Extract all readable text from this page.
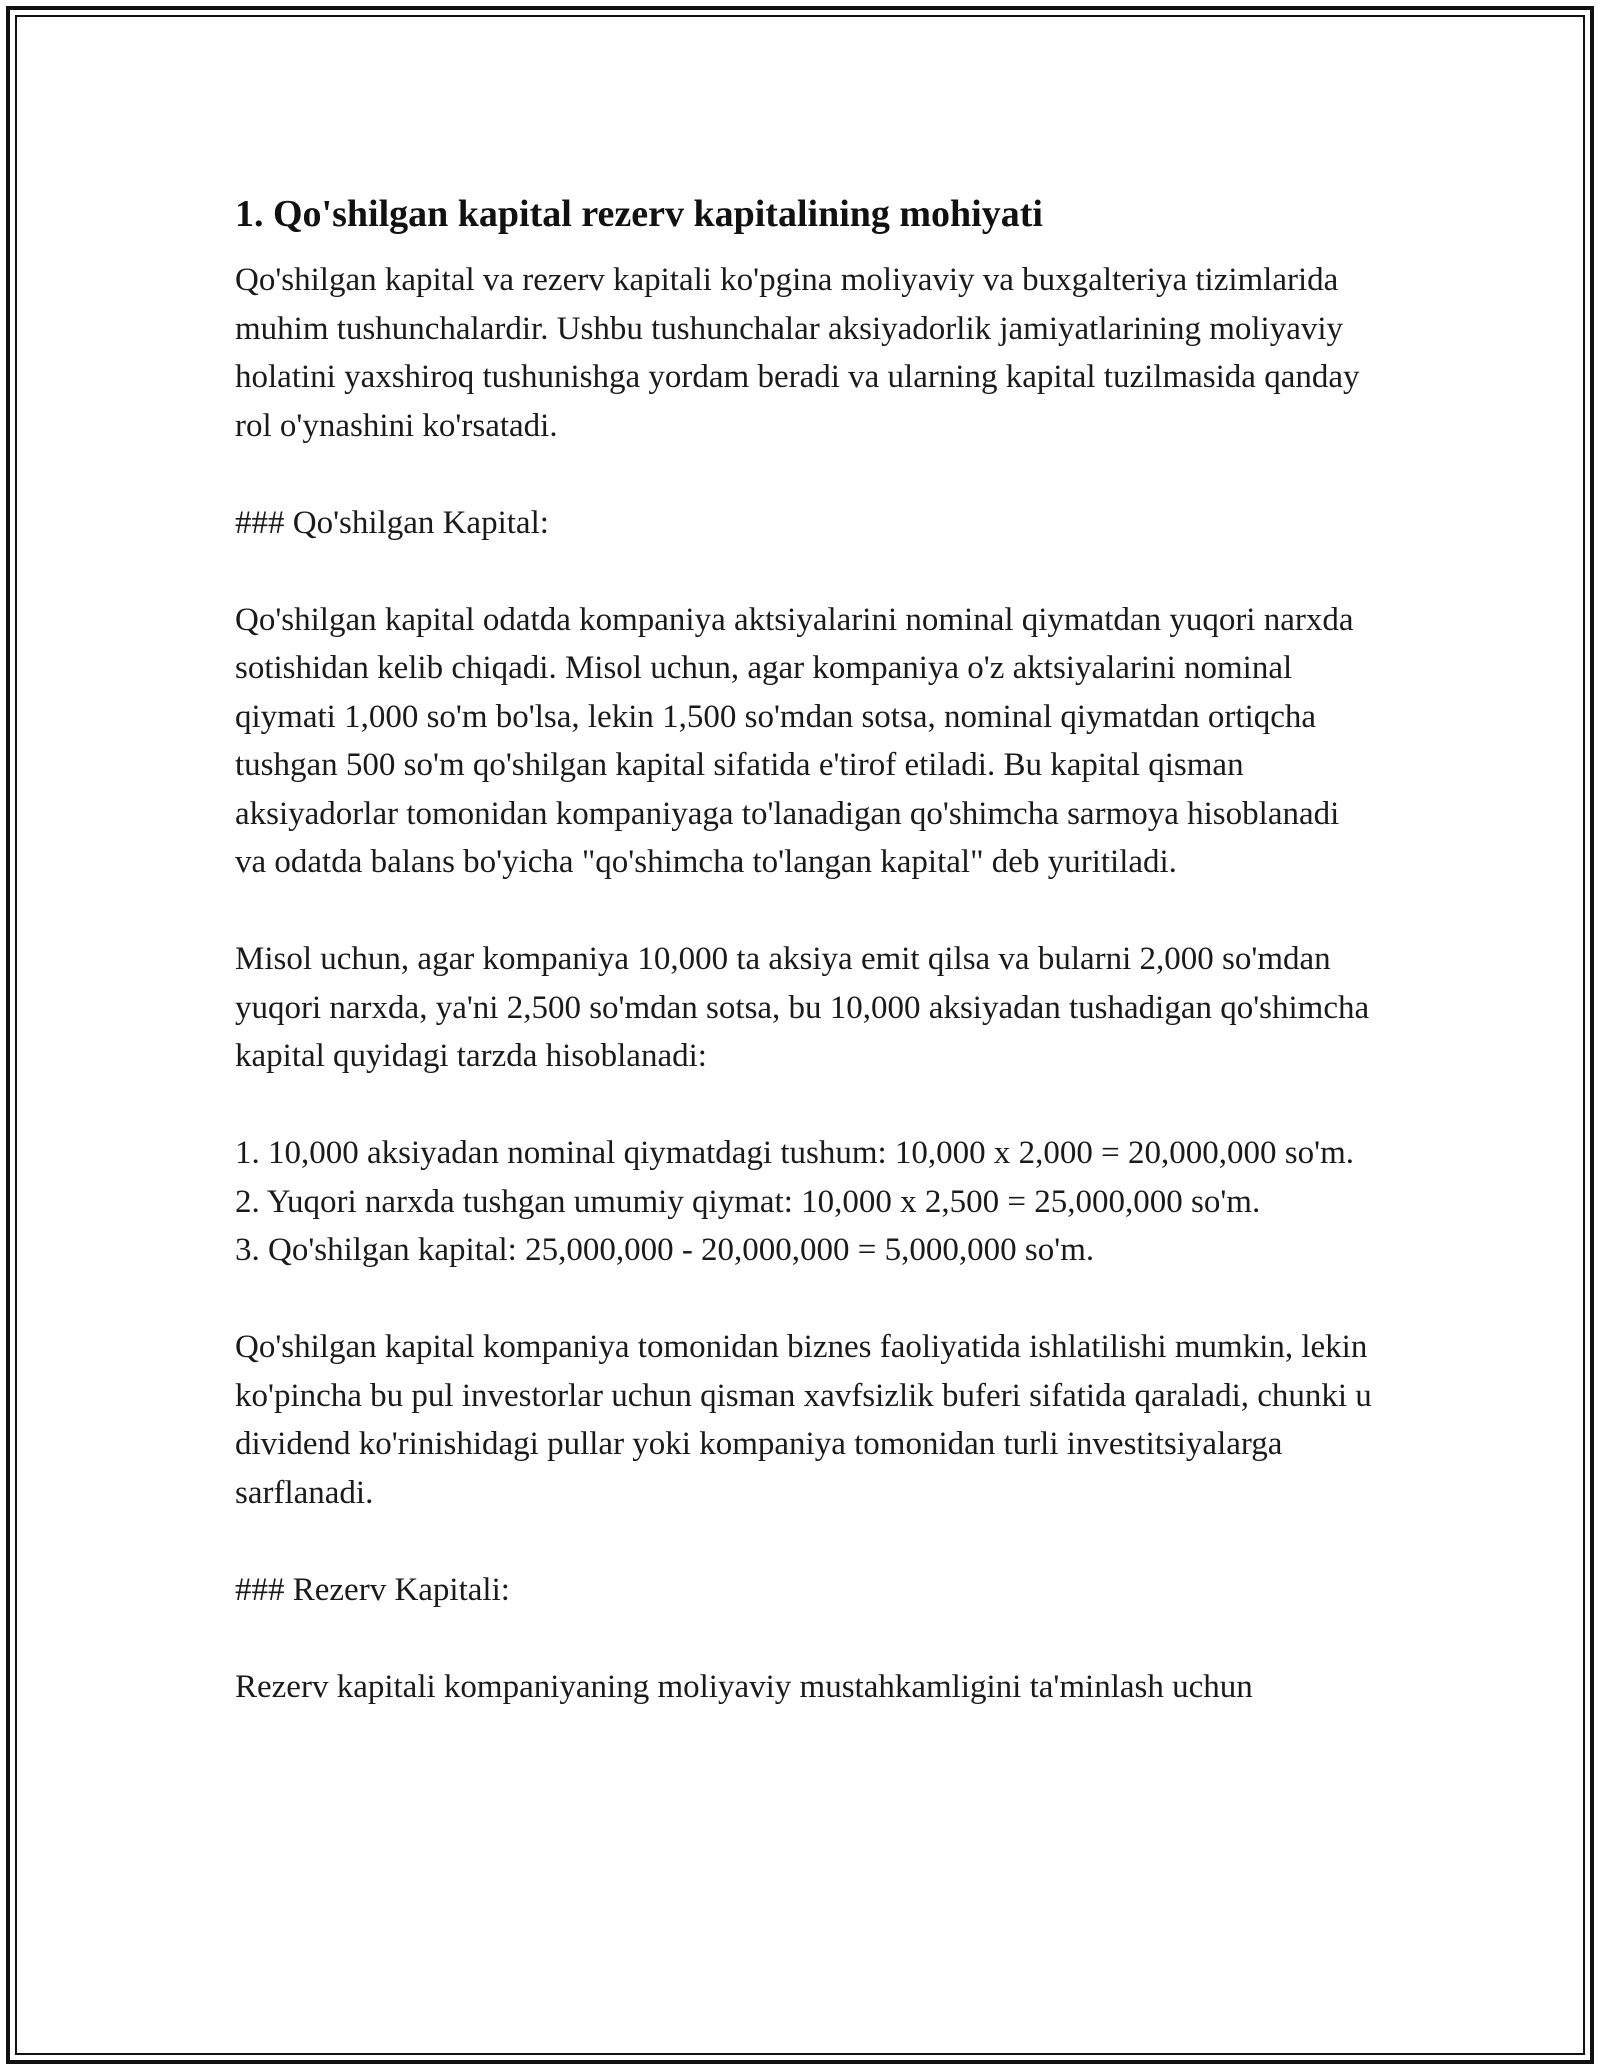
1. Qo'shilgan kapital rezerv kapitalining mohiyati

Qo'shilgan kapital va rezerv kapitali ko'pgina moliyaviy va buxgalteriya tizimlarida muhim tushunchalardir. Ushbu tushunchalar aksiyadorlik jamiyatlarining moliyaviy holatini yaxshiroq tushunishga yordam beradi va ularning kapital tuzilmasida qanday rol o'ynashini ko'rsatadi.

### Qo'shilgan Kapital:

Qo'shilgan kapital odatda kompaniya aktsiyalarini nominal qiymatdan yuqori narxda sotishidan kelib chiqadi. Misol uchun, agar kompaniya o'z aktsiyalarini nominal qiymati 1,000 so'm bo'lsa, lekin 1,500 so'mdan sotsa, nominal qiymatdan ortiqcha tushgan 500 so'm qo'shilgan kapital sifatida e'tirof etiladi. Bu kapital qisman aksiyadorlar tomonidan kompaniyaga to'lanadigan qo'shimcha sarmoya hisoblanadi va odatda balans bo'yicha "qo'shimcha to'langan kapital" deb yuritiladi.

Misol uchun, agar kompaniya 10,000 ta aksiya emit qilsa va bularni 2,000 so'mdan yuqori narxda, ya'ni 2,500 so'mdan sotsa, bu 10,000 aksiyadan tushadigan qo'shimcha kapital quyidagi tarzda hisoblanadi:

1. 10,000 aksiyadan nominal qiymatdagi tushum: 10,000 x 2,000 = 20,000,000 so'm.

2. Yuqori narxda tushgan umumiy qiymat: 10,000 x 2,500 = 25,000,000 so'm.

3. Qo'shilgan kapital: 25,000,000 - 20,000,000 = 5,000,000 so'm.

Qo'shilgan kapital kompaniya tomonidan biznes faoliyatida ishlatilishi mumkin, lekin ko'pincha bu pul investorlar uchun qisman xavfsizlik buferi sifatida qaraladi, chunki u dividend ko'rinishidagi pullar yoki kompaniya tomonidan turli investitsiyalarga sarflanadi.

### Rezerv Kapitali:

Rezerv kapitali kompaniyaning moliyaviy mustahkamligini ta'minlash uchun
